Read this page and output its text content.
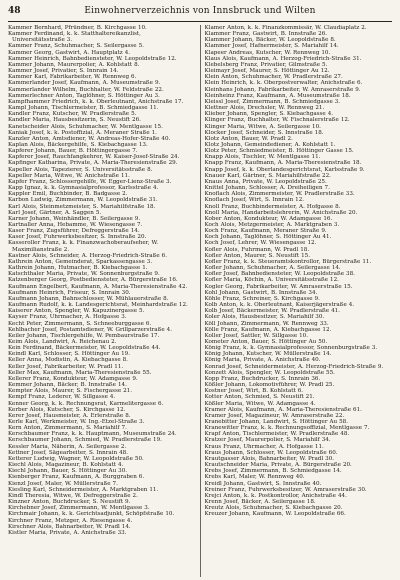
48	Einwohnerverzeichnis von Innsbruck und Wilten

Kammer Bernhard, Pfründner, B. Kirchgasse 10.

Kammer Ferdinand, k. k. Statthaltereikanzlist, Universitätsstraße 3.

Kammer Franz, Schuhmacher, S. Seilergasse 5.

Kammer Georg, Gastwirt, A. Hauptplatz 4.

Kammer Heinrich, Bahnbediensteter, W. Leopoldstraße 12.

Kammer Johann, Maurerpolier, A. Kohlstatt 8.

Kammer Josef, Privatier, S. Innrain 14.

Kammer Karl, Fabrikarbeiter, W. Rennweg 6.

Kammerlander Josef, Kaufmann, A. Museumstraße 9.

Kammerlander Wilhelm, Buchhalter, W. Feldstraße 22.

Kammerlechner Anton, Taglöhner, S. Höttinger Au 3.

Kampfhammer Friedrich, k. k. Oberleutnant, Anichstraße 17.

Kampl Johann, Tischlermeister, B. Schmiedgasse 11.

Kandler Franz, Kutscher, W. Pradlerstraße 5.

Kandler Maria, Hausbesitzerin, S. Neustift 26.

Kanetscheider Alois, Schuhmacher, W. Mentlgasse 15.

Kaniak Josef, k. k. Postoffizial, A. Meraner Straße 1.

Kanzler Anton, Amtsdiener, W. Andreas-Hofer-Straße 40.

Kaplan Alois, Bäckergehilfe, S. Kiebachgasse 13.

Kapferer Johann, Bauer, B. Höttingergasse 7.

Kapferer Josef, Rauchfangkehrer, W. Kaiser-Josef-Straße 24.

Kapfinger Katharina, Private, A. Maria-Theresienstraße 29.

Kapeller Alois, Tapezierer, S. Universitätsstraße 8.

Kapeller Maria, Witwe, W. Anichstraße 11.

Kapfer Franz, Schlossergehilfe, W. Egger-Lienz-Straße 3.

Kapp Ignaz, k. k. Gymnasialprofessor, Karlsstraße 4.

Kappler Emil, Buchbinder, B. Badgasse 2.

Karbon Ludwig, Zimmermann, W. Leopoldstraße 31.

Karl Alois, Steinmetzmeister, S. Mariahilfstraße 18.

Karl Josef, Gärtner, A. Saggen 5.

Karner Johann, Weinhändler, B. Seilergasse 9.

Kartnaller Anna, Hebamme, W. Wiesengasse 7.

Kaser Franz, Zugsführer, Defreggerstraße 14.

Kaser Josef, Fuhrwerksbesitzer, S. Innstraße 20.

Kasseroller Franz, k. k. Finanzwachoberaufseher, W. Maximilianstraße 2.

Kastner Alois, Schneider, A. Herzog-Friedrich-Straße 6.

Kathrein Anton, Gemeinderat, Sparkassengasse 3.

Kathrein Johann, Hutmacher, B. Kiebachgasse 1.

Katschthaler Maria, Private, W. Sonnenburgstraße 9.

Katzenberger Georg, Postbediensteter, A. Bürgerstraße 16.

Kaufmann Engelbert, Kaufmann, A. Maria-Theresienstraße 42.

Kaufmann Heinrich, Friseur, S. Innrain 30.

Kaufmann Johann, Bahnschlosser, W. Mühlauerstraße 8.

Kaufmann Rudolf, k. k. Landesgerichtsrat, Meinhardstraße 12.

Kaiserer Anton, Spengler, W. Kapuzinergasse 5.

Kayser Franz, Uhrmacher, A. Hofgasse 3.

Kecht Peter, Zimmermann, S. Schneeburggasse 6.

Kehlbacher Josef, Postamtsdiener, W. Grillparzerstraße 4.

Keiler Johann, Tischlergehilfe, W. Pembaurstraße 17.

Keim Alois, Landwirt, A. Reichenau 2.

Kein Ferdinand, Bäckermeister, W. Leopoldstraße 44.

Keindl Karl, Schlosser, S. Höttinger Au 19.

Keller Anna, Modistin, A. Kiebachgasse 8.

Keller Josef, Fabrikarbeiter, W. Pradl 11.

Keller Max, Kaufmann, Maria-Theresienstraße 55.

Kellerer Franz, Kondukteur, W. Adamgasse 9.

Kemmer Johann, Bäcker, B. Innstraße 14.

Kempter Alois, Maurer, S. Fischergasse 21.

Kempf Franz, Lederer, W. Sillgasse 4.

Kenner Georg, k. k. Rechnungsrat, Karmelitergasse 6.

Kerber Alois, Kutscher, S. Kirchgasse 12.

Kerer Josef, Hausmeister, A. Erlerstraße 8.

Kerle Karl, Werkmeister, W. Ing.-Etzel-Straße 3.

Kern Anton, Zimmermann, S. Mariahilf 7.

Kerschbaumer Franz, k. k. Hauptmann, Museumstraße 24.

Kerschbaumer Johann, Schmied, W. Pradlerstraße 19.

Kessler Maria, Näherin, A. Seilergasse 2.

Kettner Josef, Sägearbeiter, S. Innrain 48.

Ketterer Ludwig, Wagner, W. Leopoldstraße 50.

Kiechl Alois, Magazineur, B. Kohlstatt 4.

Kiechl Johann, Bauer, S. Höttinger Au 30.

Kienberger Franz, Kaufmann, A. Burggraben 6.

Kienzl Josef, Maler, W. Müllerstraße 7.

Kiesling Karl, Schneidermeister, A. Marktgraben 11.

Kindl Theresia, Witwe, W. Defreggerstraße 2.

Kinzner Anton, Buchdrucker, S. Neustift 9.

Kirchebner Josef, Zimmermann, W. Mentlgasse 3.

Kirchmair Johann, k. k. Gerichtsadjunkt, Schöpfstraße 10.

Kirchner Franz, Metzger, A. Riesengasse 4.

Kirschner Alois, Bahnarbeiter, W. Pradl 14.

Kistler Maria, Private, A. Anichstraße 33.

Klamer Anton, k. k. Finanzkommissär, W. Claudiaplatz 2.

Klammer Franz, Gastwirt, B. Innstraße 26.

Klammer Johann, Bäcker, W. Leopoldstraße 8.

Klammer Josef, Hafnermeister, S. Mariahilf 14.

Klapeer Andreas, Kutscher, W. Rennweg 10.

Klaus Alois, Kaufmann, A. Herzog-Friedrich-Straße 31.

Klebelsberg Franz, Privatier, Gilmstraße 5.

Kleimayr Josef, Maurer, S. Höttinger Au 12.

Klein Anton, Schuhmacher, W. Pradlerstraße 27.

Klein Heinrich, k. k. Oberpostverwalter, Anichstraße 6.

Kleinhans Johann, Fabrikarbeiter, W. Amraserstraße 9.

Kleinheinz Franz, Kaufmann, A. Museumstraße 18.

Kleissl Josef, Zimmermann, B. Schmiedgasse 3.

Klettner Alois, Drechsler, W. Rennweg 21.

Klieber Johann, Spengler, S. Kiebachgasse 4.

Klinger Franz, Buchhalter, W. Fischnalerstraße 12.

Klinger Maria, Witwe, A. Seilergasse 10.

Klocker Josef, Schneider, S. Innstraße 18.

Klotz Anton, Bauer, W. Pradl 2.

Klotz Johann, Gemeindediener, A. Kohlstatt 1.

Klotz Peter, Schmiedmeister, B. Höttinger Gasse 15.

Knapp Alois, Tischler, W. Mentlgasse 11.

Knapp Franz, Kaufmann, A. Maria-Theresienstraße 18.

Knapp Josef, k. k. Oberlandesgerichtsrat, Karlsstraße 9.

Knauer Karl, Gärtner, S. Mariahilfstraße 22.

Knaus Anna, Private, W. Leopoldstraße 25.

Knittel Johann, Schlosser, A. Dreiheiligen 7.

Knoflach Alois, Zimmermeister, W. Pradlerstraße 33.

Knoflach Josef, Wirt, S. Innrain 12.

Knoll Franz, Buchbindermeister, A. Hofgasse 8.

Knoll Maria, Handarbeitslehrerin, W. Anichstraße 20.

Kober Anton, Kondukteur, W. Adamgasse 16.

Koch Alois, Metzgermeister, A. Marktgraben 3.

Koch Franz, Kaufmann, Meraner Straße 9.

Koch Johann, Taglöhner, S. Höttinger Au 41.

Koch Josef, Lehrer, W. Wiesengasse 12.

Kofler Alois, Fuhrmann, W. Pradl 18.

Kofler Anton, Maurer, S. Neustift 15.

Kofler Franz, k. k. Steueramtskontrollor, Bürgerstraße 11.

Kofler Johann, Schuhmacher, A. Seilergasse 14.

Kofler Josef, Bahnbediensteter, W. Leopoldstraße 38.

Kofler Maria, Köchin, A. Universitätsstraße 12.

Kogler Georg, Fabrikarbeiter, W. Amraserstraße 15.

Kohl Johann, Gastwirt, B. Innstraße 34.

Köhle Franz, Schreiner, S. Kirchgasse 9.

Kolb Anton, k. k. Oberleutnant, Kaiserjägerstraße 4.

Kolb Josef, Bäckermeister, W. Pradlerstraße 41.

Koler Alois, Hausbesitzer, S. Mariahilf 30.

Köll Johann, Zimmermann, W. Rennweg 33.

Kölle Franz, Kaufmann, A. Kiebachgasse 12.

Koller Josef, Sattler, W. Sillgasse 10.

Kometer Anton, Bauer, S. Höttinger Au 50.

König Franz, k. k. Gymnasialprofessor, Sonnenburgstraße 3.

König Johann, Kutscher, W. Müllerstraße 14.

König Maria, Private, A. Anichstraße 40.

Konrad Josef, Schneidermeister, A. Herzog-Friedrich-Straße 9.

Konzett Alois, Spengler, W. Leopoldstraße 55.

Kopp Franz, Buchdrucker, S. Innrain 36.

Kößler Johann, Lokomotivführer, W. Pradl 25.

Kostner Josef, Wirt, B. Kohlstatt 6.

Kotter Anton, Schmied, S. Neustift 21.

Kößler Maria, Witwe, W. Adamgasse 4.

Kramer Alois, Kaufmann, A. Maria-Theresienstraße 61.

Kramer Josef, Magazineur, W. Amraserstraße 22.

Kranebitter Johann, Landwirt, S. Höttinger Au 58.

Kranewitter Franz, k. k. Rechnungsoffizial, Mentlgasse 7.

Krapf Anton, Tischlermeister, W. Pradlerstraße 48.

Kratzer Josef, Maurerpolier, S. Mariahilf 34.

Kraus Franz, Uhrmacher, A. Hofgasse 11.

Kraus Johann, Schlosser, W. Leopoldstraße 60.

Krautgasser Alois, Bahnarbeiter, W. Pradl 30.

Krautschneider Maria, Private, A. Bürgerstraße 20.

Krebs Josef, Zimmermann, B. Schmiedgasse 14.

Krebs Karl, Maler, W. Rennweg 40.

Kreidl Johann, Gastwirt, S. Innstraße 40.

Kreiner Franz, Fuhrwerksbesitzer, W. Amraserstraße 30.

Krejci Anton, k. k. Postkontrollor, Anichstraße 44.

Krenn Josef, Bäcker, A. Seilergasse 18.

Kreutz Alois, Schuhmacher, S. Kiebachgasse 20.

Kreuzer Johann, Kaufmann, W. Leopoldstraße 66.
